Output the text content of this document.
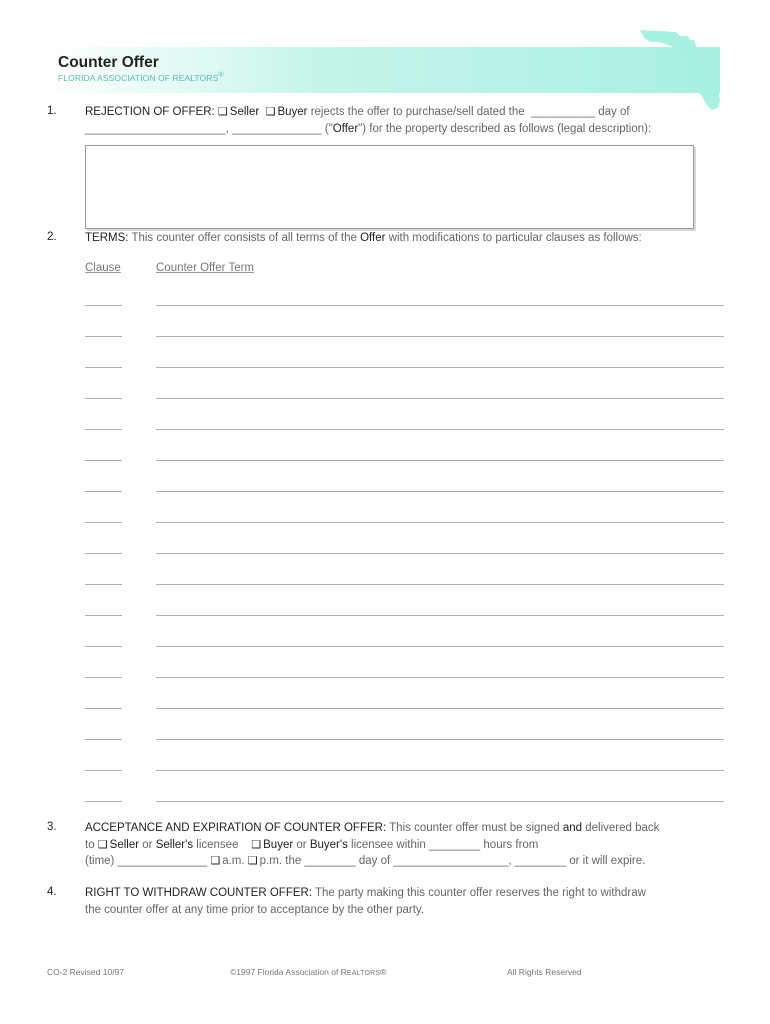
Counter Offer
FLORIDA ASSOCIATION OF REALTORS®
1. REJECTION OF OFFER: ❑ Seller ❑ Buyer rejects the offer to purchase/sell dated the __________ day of
______________________, ______________ ("Offer") for the property described as follows (legal description):
2. TERMS: This counter offer consists of all terms of the Offer with modifications to particular clauses as follows:
Clause	Counter Offer Term
3. ACCEPTANCE AND EXPIRATION OF COUNTER OFFER: This counter offer must be signed and delivered back
to ❑ Seller or Seller's licensee ❑ Buyer or Buyer's licensee within ________ hours from
(time) ______________ ❑ a.m. ❑ p.m. the ________ day of __________________, ________ or it will expire.
4. RIGHT TO WITHDRAW COUNTER OFFER: The party making this counter offer reserves the right to withdraw
the counter offer at any time prior to acceptance by the other party.
CO-2 Revised 10/97	©1997 Florida Association of REALTORS®	All Rights Reserved
